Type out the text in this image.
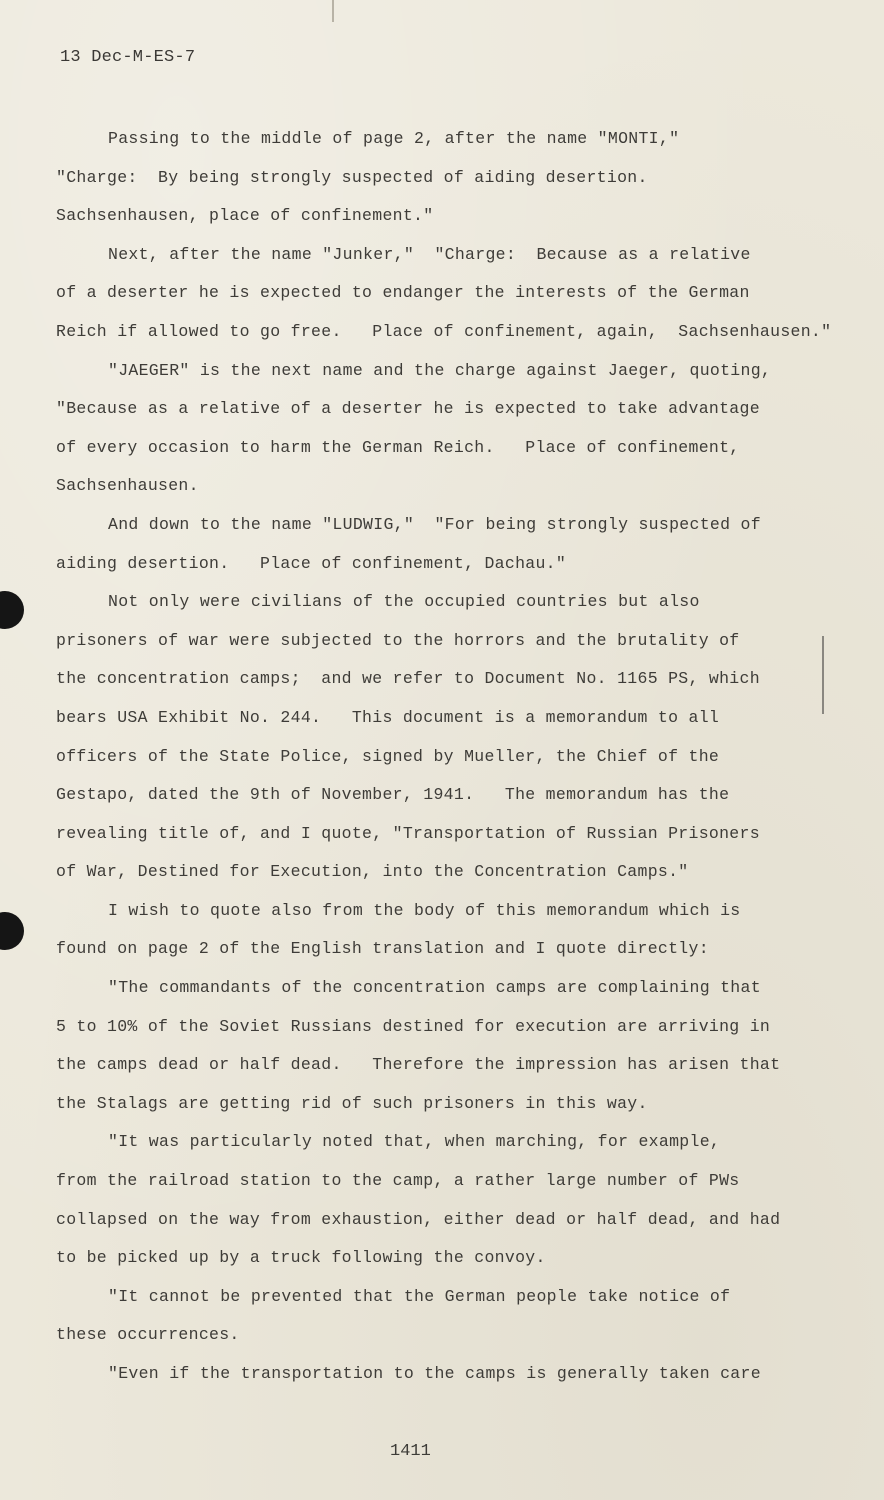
13 Dec-M-ES-7
Passing to the middle of page 2, after the name "MONTI,"
"Charge:  By being strongly suspected of aiding desertion.
Sachsenhausen, place of confinement."
Next, after the name "Junker,"  "Charge:  Because as a relative
of a deserter he is expected to endanger the interests of the German
Reich if allowed to go free.   Place of confinement, again,  Sachsenhausen."
"JAEGER" is the next name and the charge against Jaeger, quoting,
"Because as a relative of a deserter he is expected to take advantage
of every occasion to harm the German Reich.   Place of confinement,
Sachsenhausen.
And down to the name "LUDWIG,"  "For being strongly suspected of
aiding desertion.   Place of confinement, Dachau."
Not only were civilians of the occupied countries but also
prisoners of war were subjected to the horrors and the brutality of
the concentration camps;  and we refer to Document No. 1165 PS, which
bears USA Exhibit No. 244.   This document is a memorandum to all
officers of the State Police, signed by Mueller, the Chief of the
Gestapo, dated the 9th of November, 1941.   The memorandum has the
revealing title of, and I quote, "Transportation of Russian Prisoners
of War, Destined for Execution, into the Concentration Camps."
I wish to quote also from the body of this memorandum which is
found on page 2 of the English translation and I quote directly:
"The commandants of the concentration camps are complaining that
5 to 10% of the Soviet Russians destined for execution are arriving in
the camps dead or half dead.   Therefore the impression has arisen that
the Stalags are getting rid of such prisoners in this way.
"It was particularly noted that, when marching, for example,
from the railroad station to the camp, a rather large number of PWs
collapsed on the way from exhaustion, either dead or half dead, and had
to be picked up by a truck following the convoy.
"It cannot be prevented that the German people take notice of
these occurrences.
"Even if the transportation to the camps is generally taken care
1411
